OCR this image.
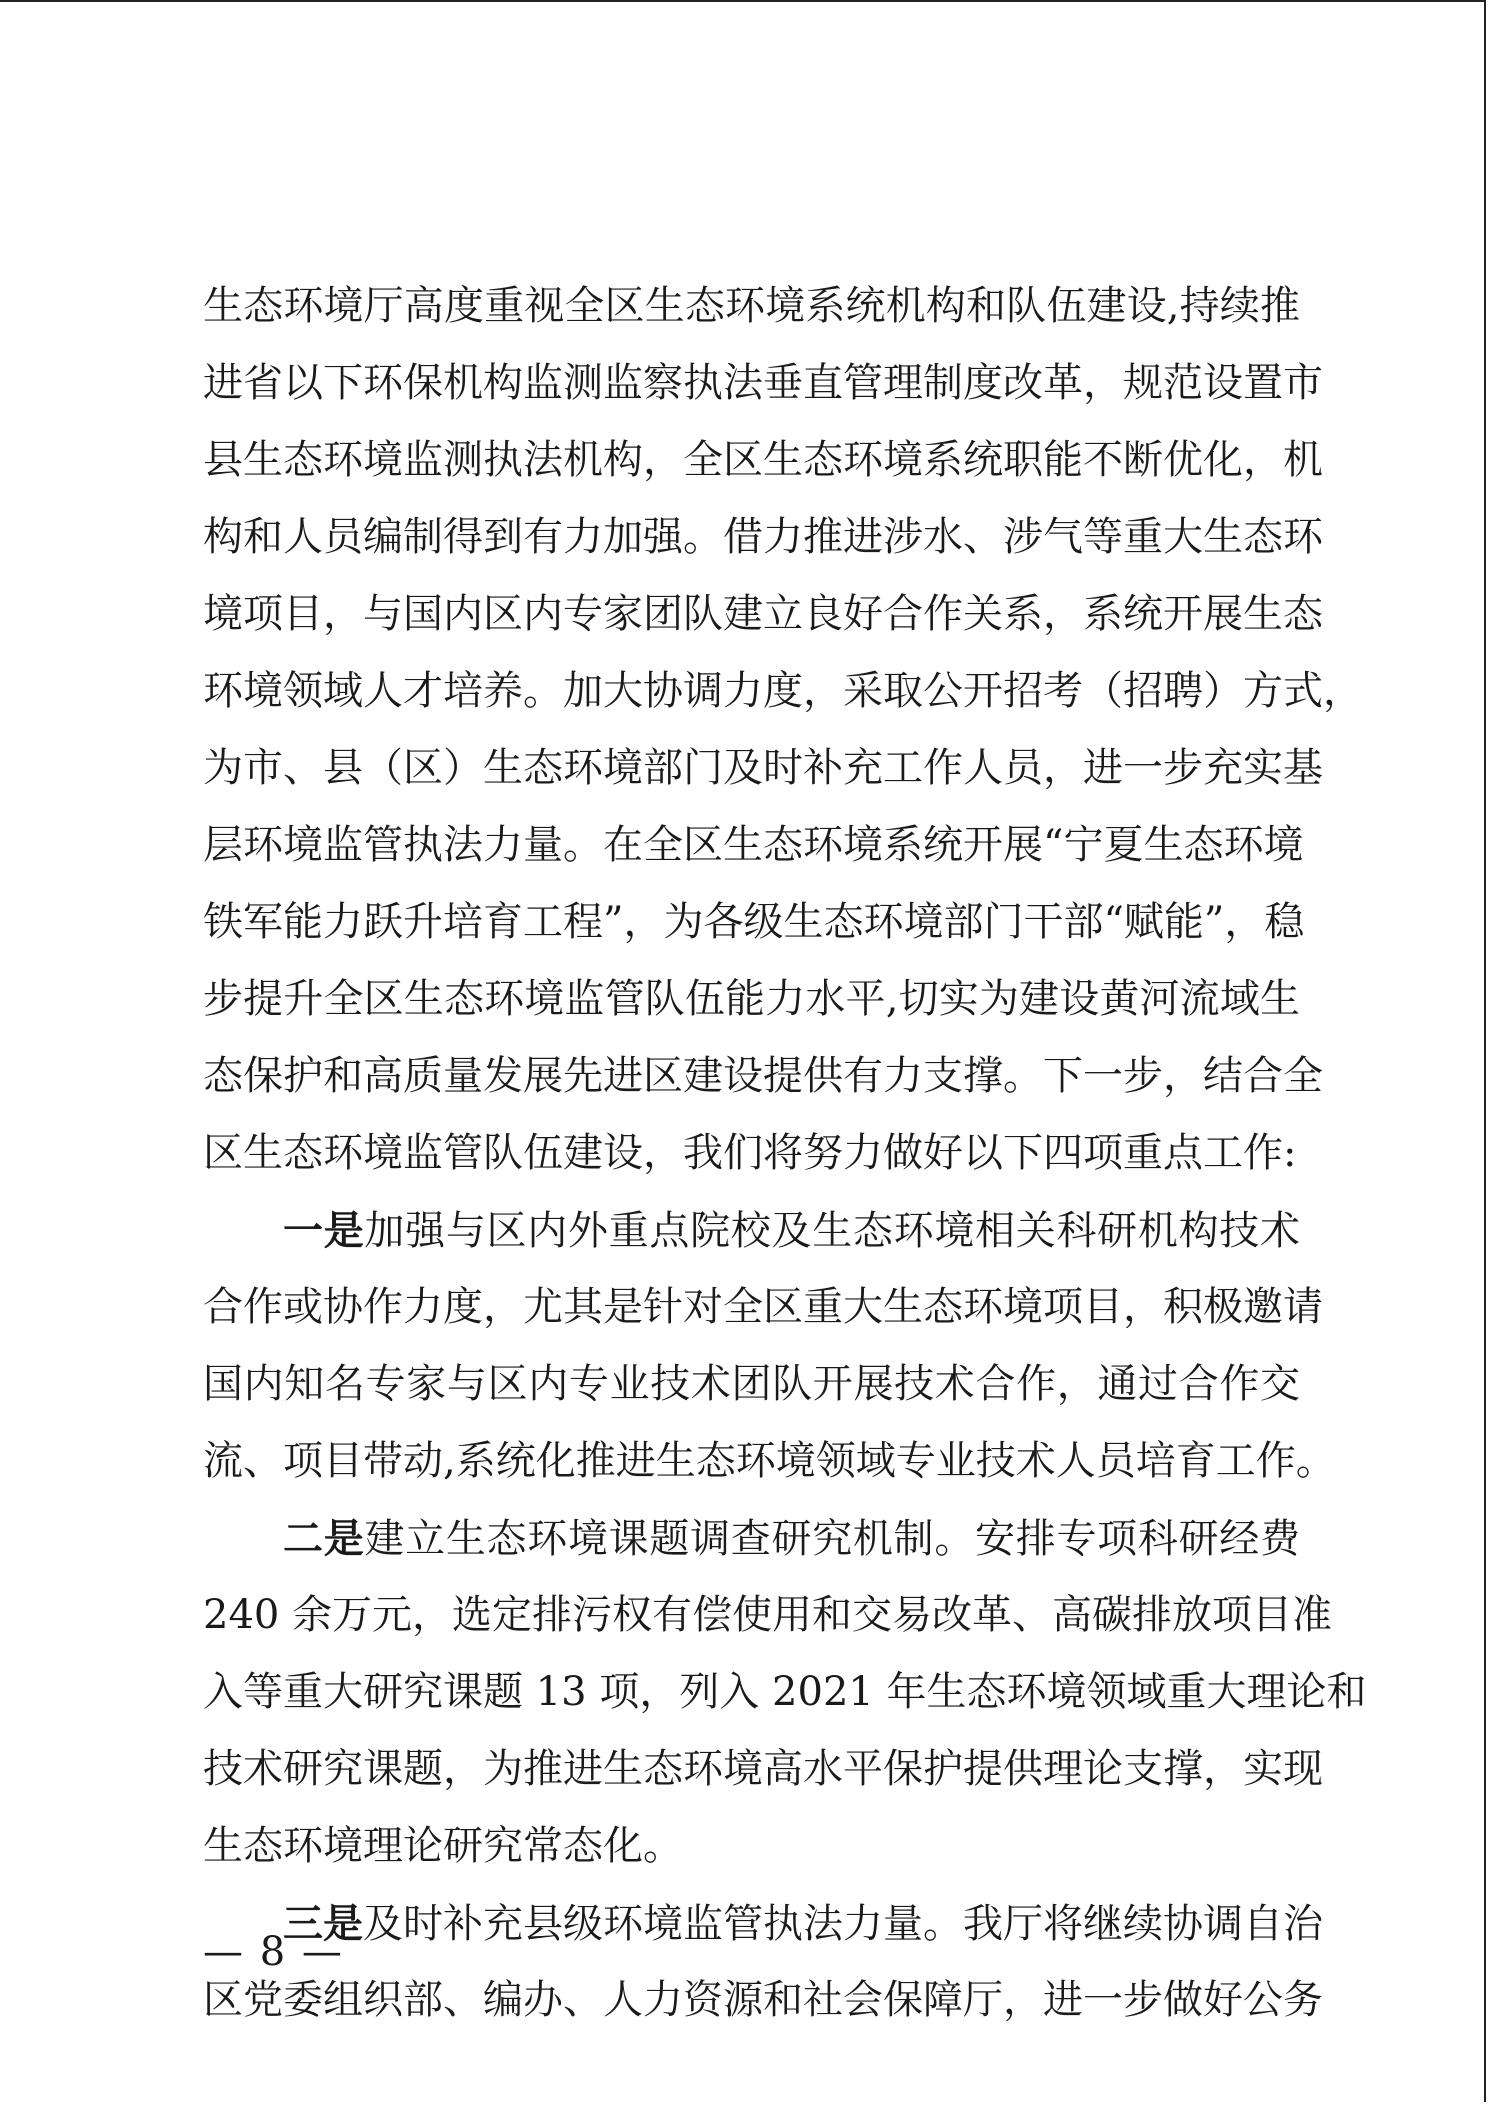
生态环境厅高度重视全区生态环境系统机构和队伍建设,持续推
进省以下环保机构监测监察执法垂直管理制度改革，规范设置市
县生态环境监测执法机构，全区生态环境系统职能不断优化，机
构和人员编制得到有力加强。借力推进涉水、涉气等重大生态环
境项目，与国内区内专家团队建立良好合作关系，系统开展生态
环境领域人才培养。加大协调力度，采取公开招考（招聘）方式，
为市、县（区）生态环境部门及时补充工作人员，进一步充实基
层环境监管执法力量。在全区生态环境系统开展“宁夏生态环境
铁军能力跃升培育工程”，为各级生态环境部门干部“赋能”，稳
步提升全区生态环境监管队伍能力水平,切实为建设黄河流域生
态保护和高质量发展先进区建设提供有力支撑。下一步，结合全
区生态环境监管队伍建设，我们将努力做好以下四项重点工作:
一是加强与区内外重点院校及生态环境相关科研机构技术
合作或协作力度，尤其是针对全区重大生态环境项目，积极邀请
国内知名专家与区内专业技术团队开展技术合作，通过合作交
流、项目带动,系统化推进生态环境领域专业技术人员培育工作。
二是建立生态环境课题调查研究机制。安排专项科研经费
240 余万元，选定排污权有偿使用和交易改革、高碳排放项目准
入等重大研究课题 13 项，列入 2021 年生态环境领域重大理论和
技术研究课题，为推进生态环境高水平保护提供理论支撑，实现
生态环境理论研究常态化。
三是及时补充县级环境监管执法力量。我厅将继续协调自治
区党委组织部、编办、人力资源和社会保障厅，进一步做好公务
— 8 —
